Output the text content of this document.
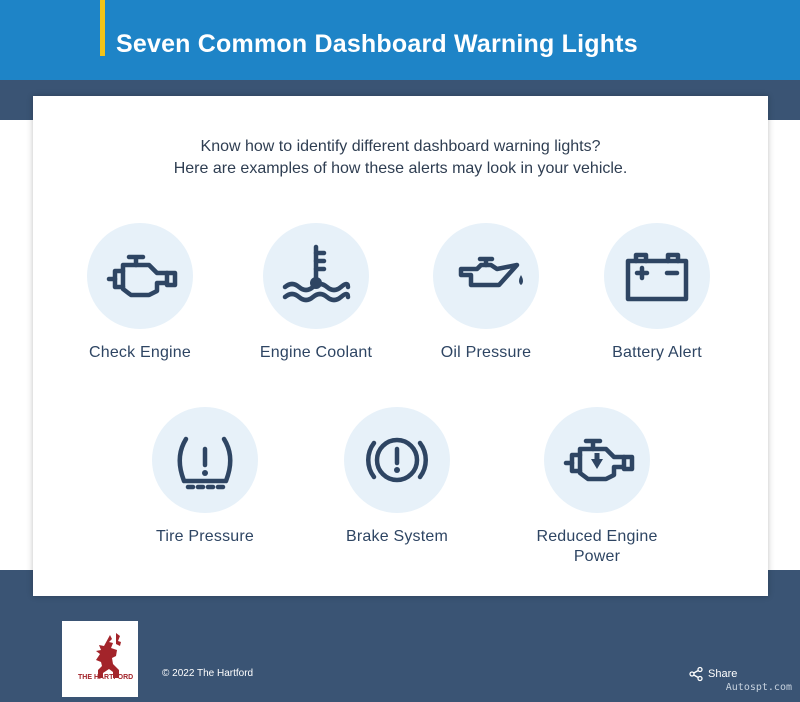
Seven Common Dashboard Warning Lights
Know how to identify different dashboard warning lights?
Here are examples of how these alerts may look in your vehicle.
Check Engine	Engine Coolant	Oil Pressure	Battery Alert
Tire Pressure	Brake System	Reduced Engine
Power
THE HARTFORD	© 2022 The Hartford	Share
Autospt.com
